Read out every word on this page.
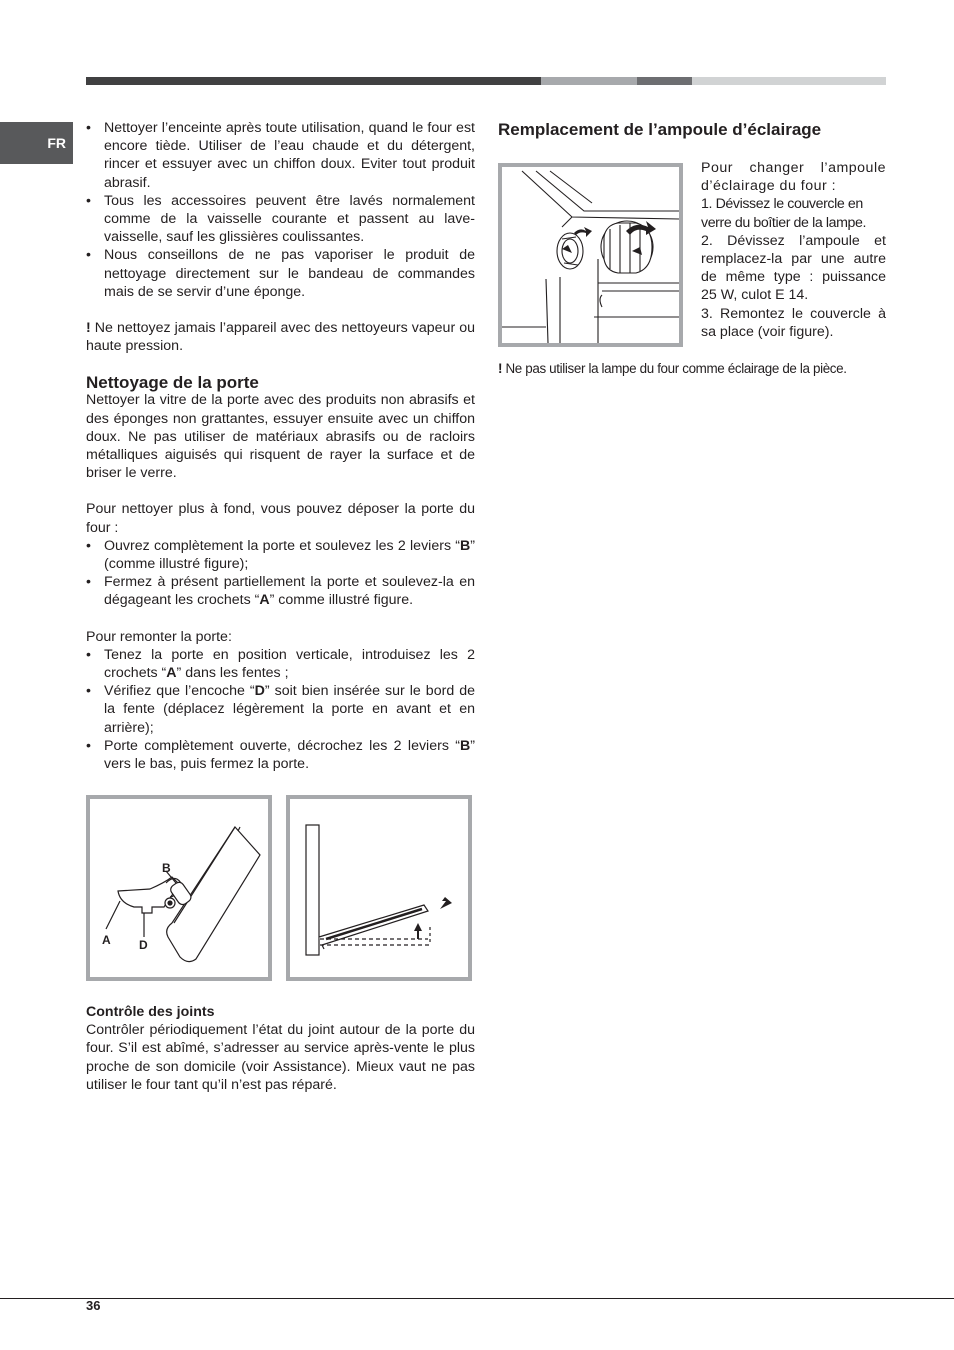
FR
• Nettoyer l’enceinte après toute utilisation, quand le four est encore tiède. Utiliser de l’eau chaude et du détergent, rincer et essuyer avec un chiffon doux. Eviter tout produit abrasif.
• Tous les accessoires peuvent être lavés normalement comme de la vaisselle courante et passent au lave-vaisselle, sauf les glissières coulissantes.
• Nous conseillons de ne pas vaporiser le produit de nettoyage directement sur le bandeau de commandes mais de se servir d’une éponge.

! Ne nettoyez jamais l’appareil avec des nettoyeurs vapeur ou haute pression.

Nettoyage de la porte

Nettoyer la vitre de la porte avec des produits non abrasifs et des éponges non grattantes, essuyer ensuite avec un chiffon doux. Ne pas utiliser de matériaux abrasifs ou de racloirs métalliques aiguisés qui risquent de rayer la surface et de briser le verre.

Pour nettoyer plus à fond, vous pouvez déposer la porte du four :

• Ouvrez complètement la porte et soulevez les 2 leviers “B” (comme illustré figure);
• Fermez à présent partiellement la porte et soulevez-la en dégageant les crochets “A” comme illustré figure.

Pour remonter la porte:

• Tenez la porte en position verticale, introduisez les 2 crochets “A” dans les fentes ;
• Vérifiez que l’encoche “D” soit bien insérée sur le bord de la fente (déplacez légèrement la porte en avant et en arrière);
• Porte complètement ouverte, décrochez les 2 leviers “B” vers le bas, puis fermez la porte.
B
A D
Contrôle des joints

Contrôler périodiquement l’état du joint autour de la porte du four. S’il est abîmé, s’adresser au service après-vente le plus proche de son domicile (voir Assistance). Mieux vaut ne pas utiliser le four tant qu’il n’est pas réparé.

Remplacement de l’ampoule d’éclairage

Pour changer l’ampoule d’éclairage du four :

1. Dévissez le couvercle en verre du boîtier de la lampe.

2. Dévissez l’ampoule et remplacez-la par une autre de même type : puissance 25 W, culot E 14.

3. Remontez le couvercle à sa place (voir figure).

! Ne pas utiliser la lampe du four comme éclairage de la pièce.
36
